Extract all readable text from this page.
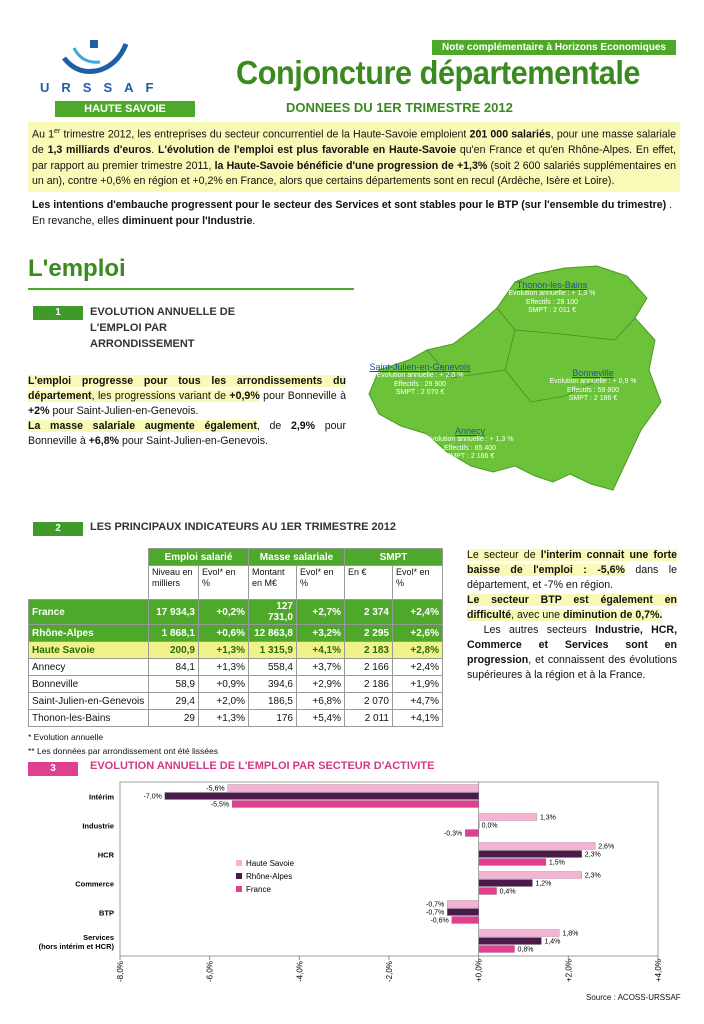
URSSAF
Note complémentaire à Horizons Economiques
Conjoncture départementale
HAUTE SAVOIE	DONNEES DU 1ER TRIMESTRE 2012
Au 1er trimestre 2012, les entreprises du secteur concurrentiel de la Haute-Savoie emploient 201 000 salariés, pour une masse salariale de 1,3 milliards d'euros. L'évolution de l'emploi est plus favorable en Haute-Savoie qu'en France et qu'en Rhône-Alpes. En effet, par rapport au premier trimestre 2011, la Haute-Savoie bénéficie d'une progression de +1,3% (soit 2 600 salariés supplémentaires en un an), contre +0,6% en région et +0,2% en France, alors que certains départements sont en recul (Ardèche, Isère et Loire).
Les intentions d'embauche progressent pour le secteur des Services et sont stables pour le BTP (sur l'ensemble du trimestre) . En revanche, elles diminuent pour l'Industrie.
L'emploi
1	EVOLUTION ANNUELLE DE L'EMPLOI PAR ARRONDISSEMENT
L'emploi progresse pour tous les arrondissements du département, les progressions variant de +0,9% pour Bonneville à +2% pour Saint-Julien-en-Genevois.
La masse salariale augmente également, de 2,9% pour Bonneville à +6,8% pour Saint-Julien-en-Genevois.
Thonon-les-Bains
Evolution annuelle : + 1,3 %
Effectifs : 29 100
SMPT : 2 011 €
Saint-Julien-en-Genevois
Evolution annuelle : + 2,0 %
Effectifs : 29 900
SMPT : 2 070 €
Bonneville
Evolution annuelle : + 0,9 %
Effectifs : 59 800
SMPT : 2 186 €
Annecy
Evolution annuelle : + 1,3 %
Effectifs : 85 400
SMPT : 2 166 €
2	LES PRINCIPAUX INDICATEURS AU 1ER TRIMESTRE 2012
	Emploi salarié		Masse salariale		SMPT	
	Niveau en milliers	Evol* en %	Montant en M€	Evol* en %	En €	Evol* en %
France	17 934,3	+0,2%	127 731,0	+2,7%	2 374	+2,4%
Rhône-Alpes	1 868,1	+0,6%	12 863,8	+3,2%	2 295	+2,6%
Haute Savoie	200,9	+1,3%	1 315,9	+4,1%	2 183	+2,8%
Annecy	84,1	+1,3%	558,4	+3,7%	2 166	+2,4%
Bonneville	58,9	+0,9%	394,6	+2,9%	2 186	+1,9%
Saint-Julien-en-Genevois	29,4	+2,0%	186,5	+6,8%	2 070	+4,7%
Thonon-les-Bains	29	+1,3%	176	+5,4%	2 011	+4,1%
* Evolution annuelle
** Les données par arrondissement ont été lissées
Le secteur de l'interim connait une forte baisse de l'emploi : -5,6% dans le département, et -7% en région.
Le secteur BTP est également en difficulté, avec une diminution de 0,7%.
Les autres secteurs Industrie, HCR, Commerce et Services sont en progression, et connaissent des évolutions supérieures à la région et à la France.
3	EVOLUTION ANNUELLE DE L'EMPLOI PAR SECTEUR D'ACTIVITE
-8,0%	-6,0%	-4,0%	-2,0%	+0,0%	+2,0%	+4,0%
Intérim
-5,6%
-7,0%
-5,5%
Industrie
1,3%
0,0%
-0,3%
HCR
2,6%
2,3%
1,5%
Commerce
2,3%
1,2%
0,4%
BTP
-0,7%
-0,7%
-0,6%
Services
(hors intérim et HCR)
1,8%
1,4%
0,8%
Haute Savoie
Rhône-Alpes
France
Source : ACOSS-URSSAF
